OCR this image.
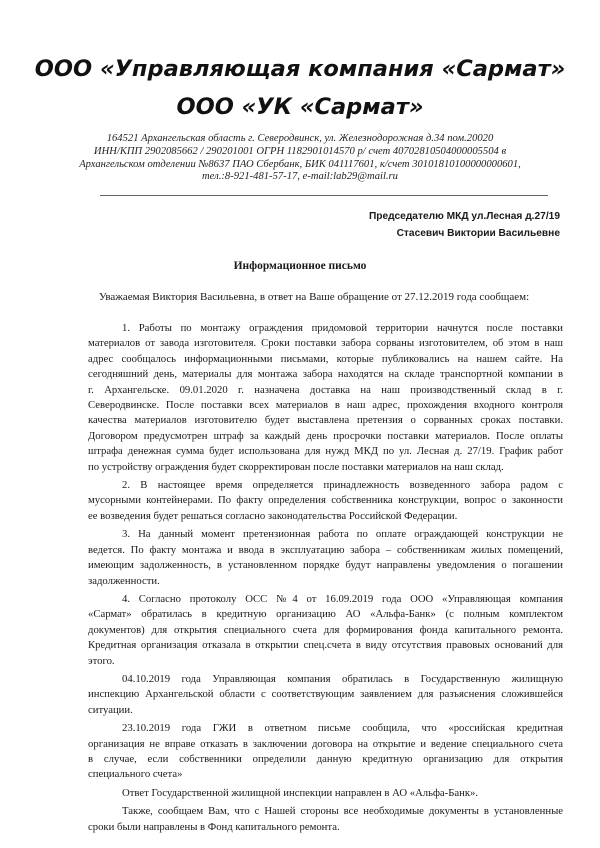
ООО «Управляющая компания «Сармат»
ООО «УК «Сармат»
164521 Архангельская область г. Северодвинск, ул. Железнодорожная д.34 пом.20020
ИНН/КПП 2902085662 / 290201001 ОГРН 1182901014570 р/ счет 40702810504000005504 в
Архангельском отделении №8637 ПАО Сбербанк, БИК 041117601, к/счет 30101810100000000601,
тел.:8-921-481-57-17, e-mail:lab29@mail.ru
Председателю МКД ул.Лесная д.27/19
Стасевич Виктории Васильевне
Информационное письмо
Уважаемая Виктория Васильевна, в ответ на Ваше обращение от 27.12.2019 года сообщаем:
1. Работы по монтажу ограждения придомовой территории начнутся после поставки
материалов от завода изготовителя. Сроки поставки забора сорваны изготовителем, об этом в наш
адрес сообщалось информационными письмами, которые публиковались на нашем сайте. На
сегодняшний день, материалы для монтажа забора находятся на складе транспортной компании в
г. Архангельске. 09.01.2020 г. назначена доставка на наш производственный склад в г.
Северодвинске. После поставки всех материалов в наш адрес, прохождения входного контроля
качества материалов изготовителю будет выставлена претензия о сорванных сроках поставки.
Договором предусмотрен штраф за каждый день просрочки поставки материалов. После оплаты
штрафа денежная сумма будет использована для нужд МКД по ул. Лесная д. 27/19. График работ
по устройству ограждения будет скорректирован после поставки материалов на наш склад.
2. В настоящее время определяется принадлежность возведенного забора радом с
мусорными контейнерами. По факту определения собственника конструкции, вопрос о законности
ее возведения будет решаться согласно законодательства Российской Федерации.
3. На данный момент претензионная работа по оплате ограждающей конструкции не
ведется. По факту монтажа и ввода в эксплуатацию забора – собственникам жилых помещений,
имеющим задолженность, в установленном порядке будут направлены уведомления о погашении
задолженности.
4. Согласно протоколу ОСС №4 от 16.09.2019 года ООО «Управляющая компания
«Сармат» обратилась в кредитную организацию АО «Альфа-Банк» (с полным комплектом
документов) для открытия специального счета для формирования фонда капитального ремонта.
Кредитная организация отказала в открытии спец.счета в виду отсутствия правовых оснований для
этого.
04.10.2019 года Управляющая компания обратилась в Государственную жилищную
инспекцию Архангельской области с соответствующим заявлением для разъяснения сложившейся
ситуации.
23.10.2019 года ГЖИ в ответном письме сообщила, что «российская кредитная
организация не вправе отказать в заключении договора на открытие и ведение специального счета
в случае, если собственники определили данную кредитную организацию для открытия
специального счета»
Ответ Государственной жилищной инспекции направлен в АО «Альфа-Банк».
Также, сообщаем Вам, что с Нашей стороны все необходимые документы в установленные
сроки были направлены в Фонд капитального ремонта.
